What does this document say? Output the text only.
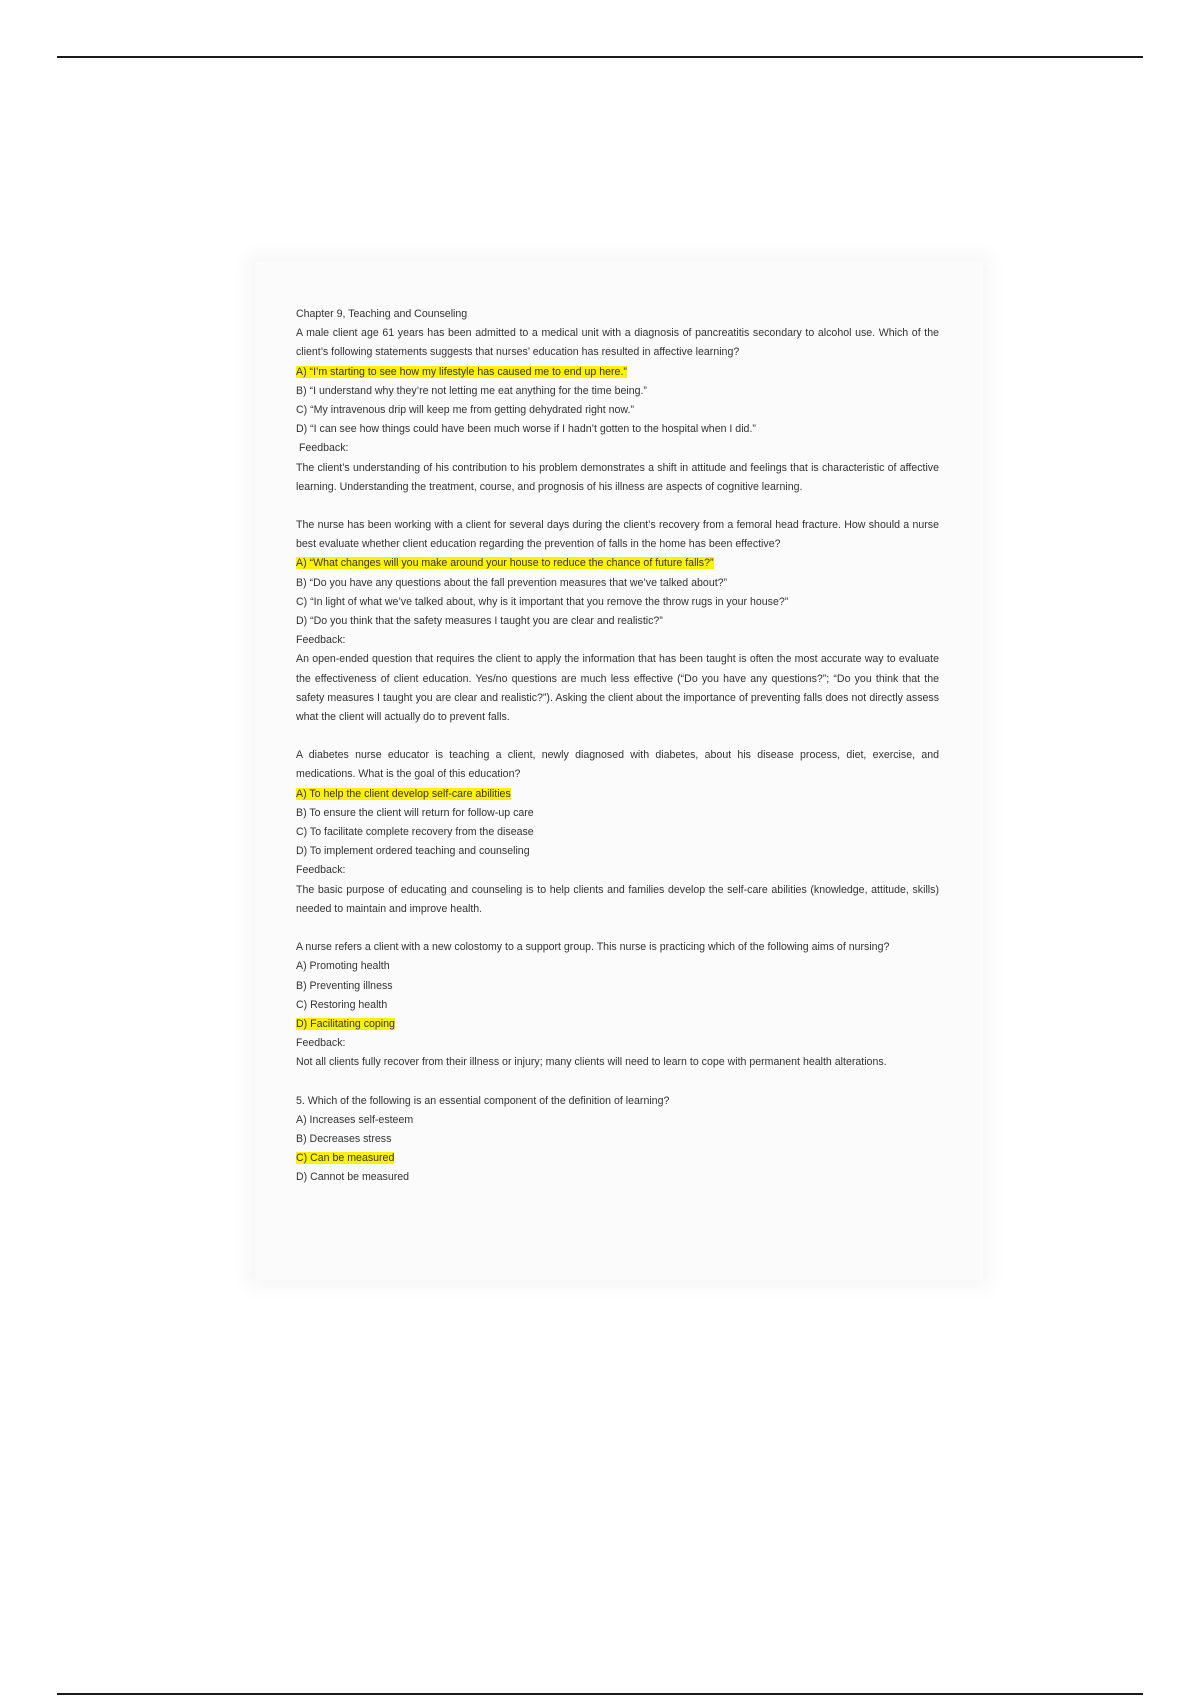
Chapter 9, Teaching and Counseling

A male client age 61 years has been admitted to a medical unit with a diagnosis of pancreatitis secondary to alcohol use. Which of the client’s following statements suggests that nurses’ education has resulted in affective learning?

A) “I’m starting to see how my lifestyle has caused me to end up here.”
B) “I understand why they’re not letting me eat anything for the time being.”
C) “My intravenous drip will keep me from getting dehydrated right now.”
D) “I can see how things could have been much worse if I hadn’t gotten to the hospital when I did.”
Feedback:

The client’s understanding of his contribution to his problem demonstrates a shift in attitude and feelings that is characteristic of affective learning. Understanding the treatment, course, and prognosis of his illness are aspects of cognitive learning.

The nurse has been working with a client for several days during the client’s recovery from a femoral head fracture. How should a nurse best evaluate whether client education regarding the prevention of falls in the home has been effective?

A) “What changes will you make around your house to reduce the chance of future falls?”
B) “Do you have any questions about the fall prevention measures that we’ve talked about?”
C) “In light of what we’ve talked about, why is it important that you remove the throw rugs in your house?”
D) “Do you think that the safety measures I taught you are clear and realistic?”
Feedback:

An open-ended question that requires the client to apply the information that has been taught is often the most accurate way to evaluate the effectiveness of client education. Yes/no questions are much less effective (“Do you have any questions?”; “Do you think that the safety measures I taught you are clear and realistic?”). Asking the client about the importance of preventing falls does not directly assess what the client will actually do to prevent falls.

A diabetes nurse educator is teaching a client, newly diagnosed with diabetes, about his disease process, diet, exercise, and medications. What is the goal of this education?

A) To help the client develop self-care abilities
B) To ensure the client will return for follow-up care
C) To facilitate complete recovery from the disease
D) To implement ordered teaching and counseling
Feedback:

The basic purpose of educating and counseling is to help clients and families develop the self-care abilities (knowledge, attitude, skills) needed to maintain and improve health.

A nurse refers a client with a new colostomy to a support group. This nurse is practicing which of the following aims of nursing?

A) Promoting health
B) Preventing illness
C) Restoring health
D) Facilitating coping
Feedback:

Not all clients fully recover from their illness or injury; many clients will need to learn to cope with permanent health alterations.

5. Which of the following is an essential component of the definition of learning?

A) Increases self-esteem
B) Decreases stress
C) Can be measured
D) Cannot be measured
